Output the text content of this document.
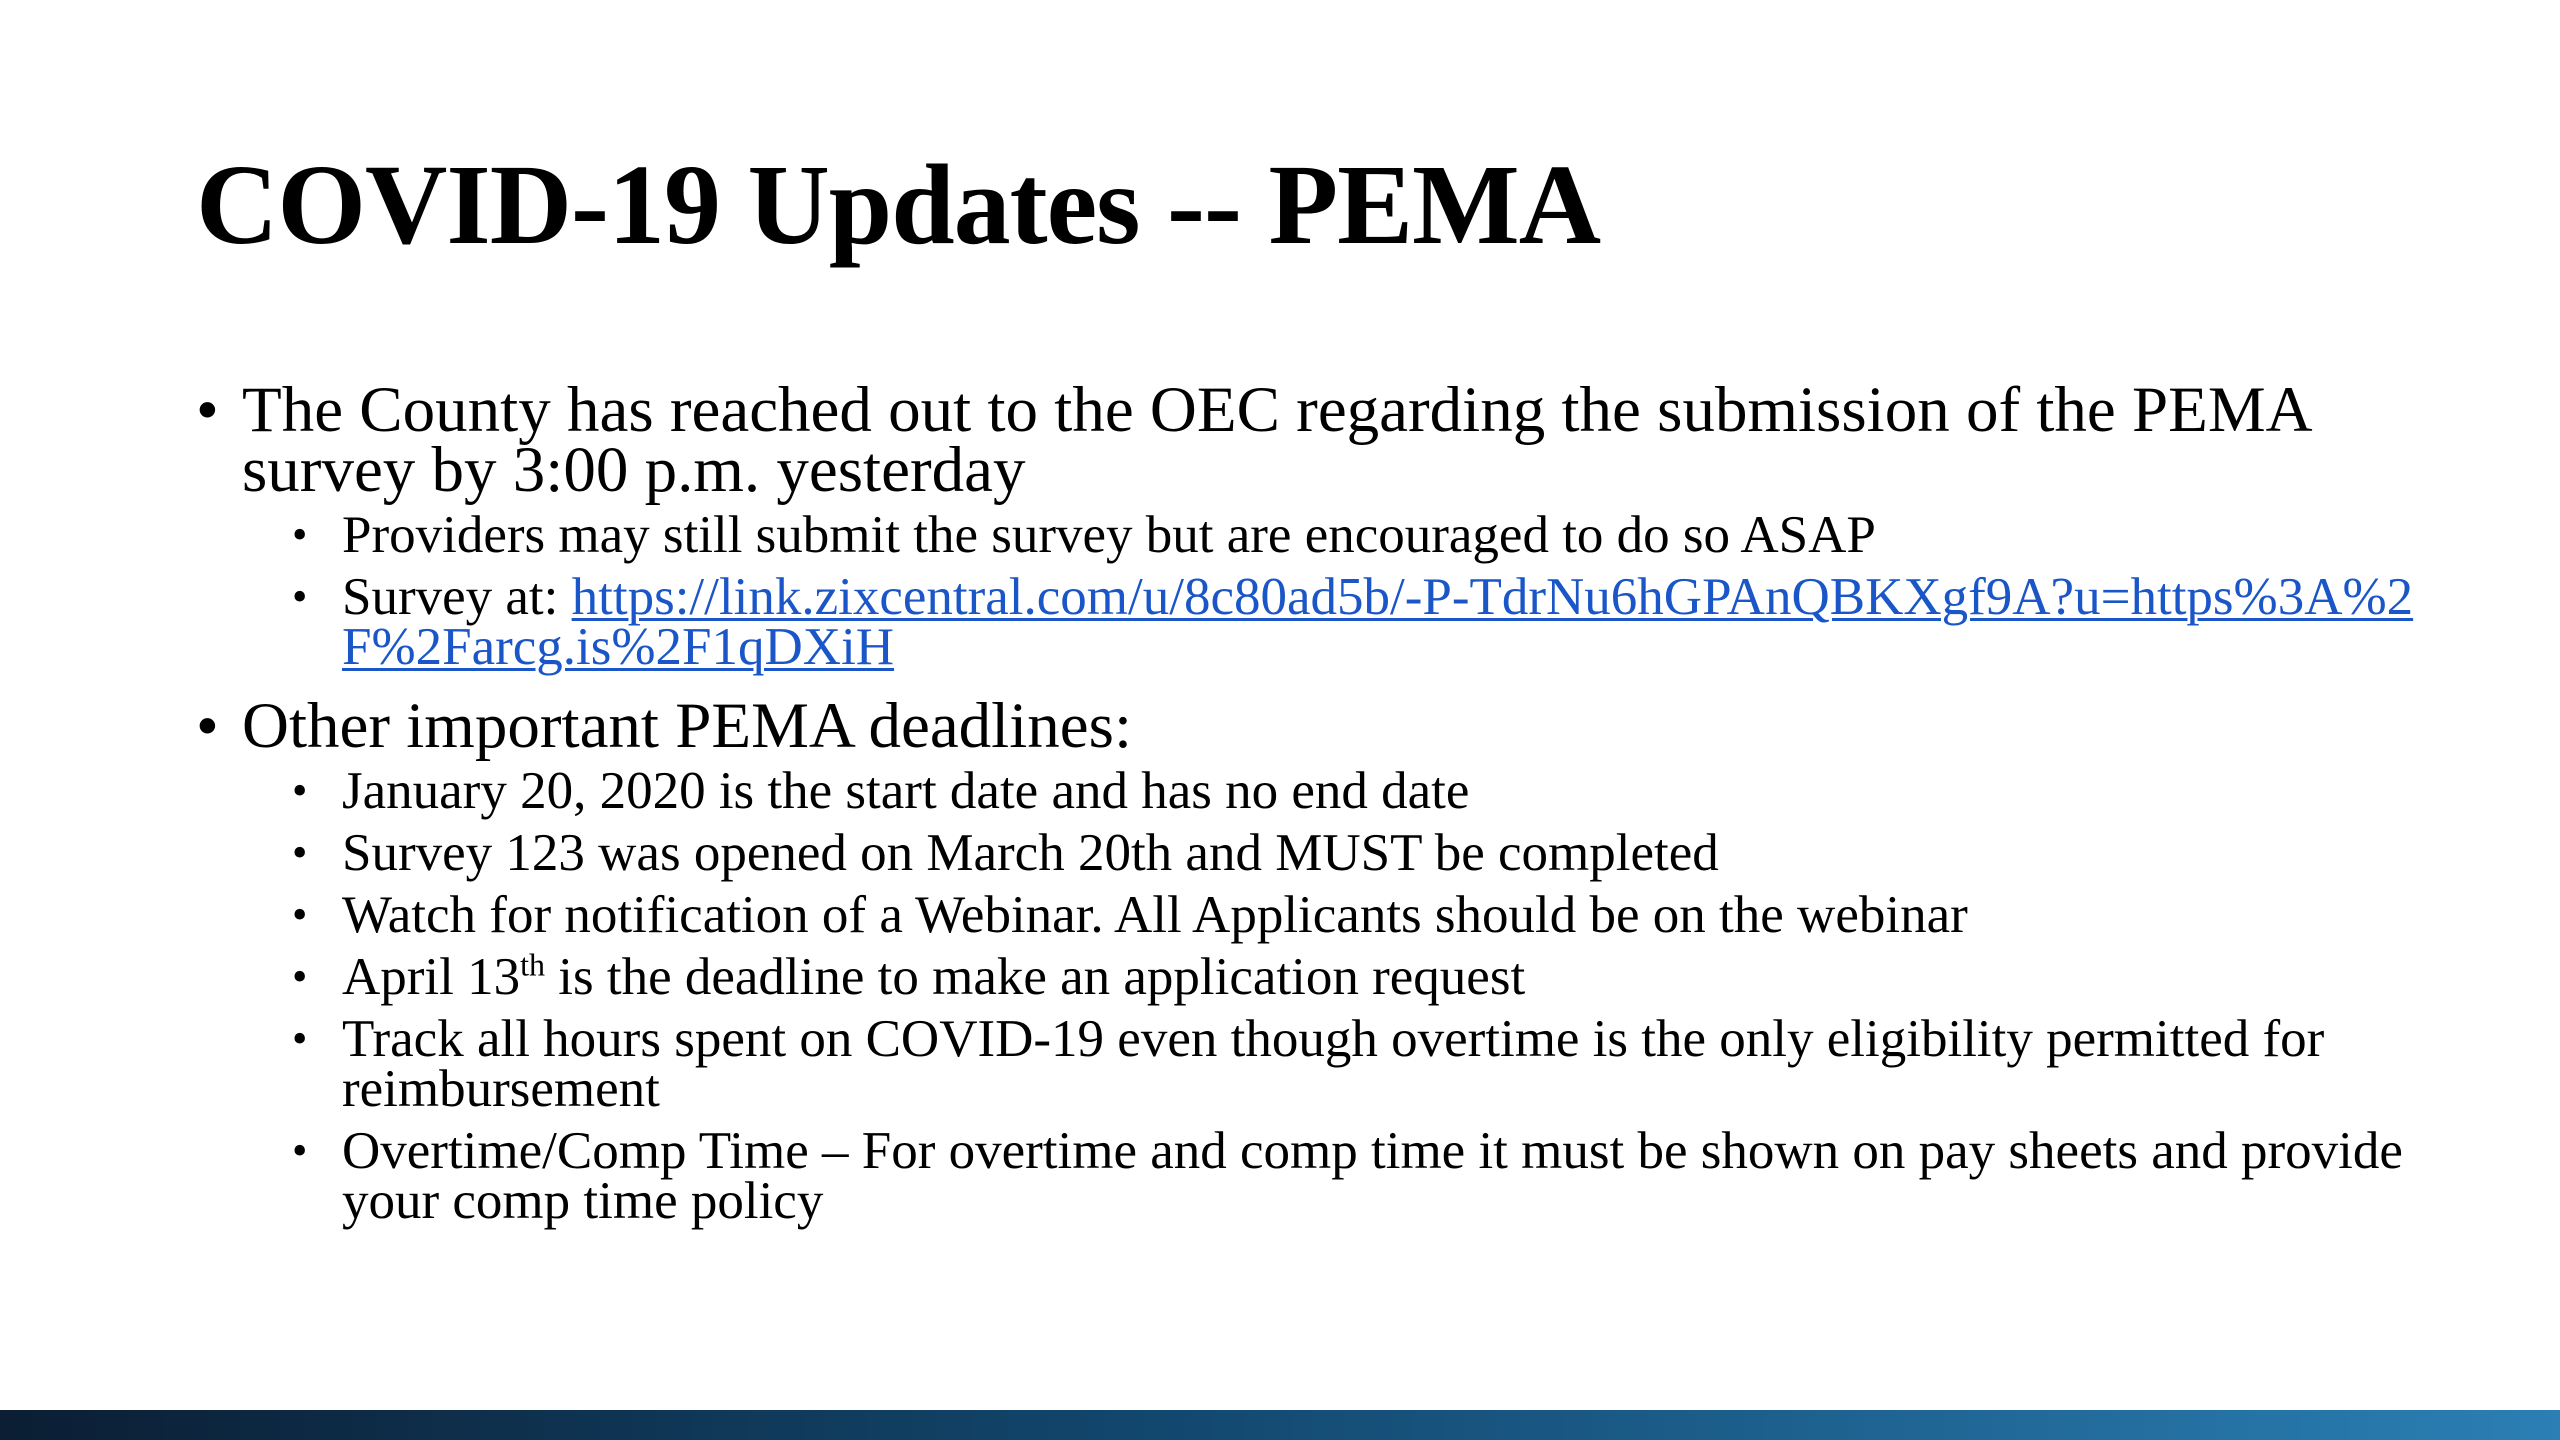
COVID-19 Updates -- PEMA
• The County has reached out to the OEC regarding the submission of the PEMA survey by 3:00 p.m. yesterday
• Providers may still submit the survey but are encouraged to do so ASAP
• Survey at: https://link.zixcentral.com/u/8c80ad5b/-P-TdrNu6hGPAnQBKXgf9A?u=https%3A%2F%2Farcg.is%2F1qDXiH
• Other important PEMA deadlines:
• January 20, 2020 is the start date and has no end date
• Survey 123 was opened on March 20th and MUST be completed
• Watch for notification of a Webinar. All Applicants should be on the webinar
• April 13th is the deadline to make an application request
• Track all hours spent on COVID-19 even though overtime is the only eligibility permitted for reimbursement
• Overtime/Comp Time – For overtime and comp time it must be shown on pay sheets and provide your comp time policy
